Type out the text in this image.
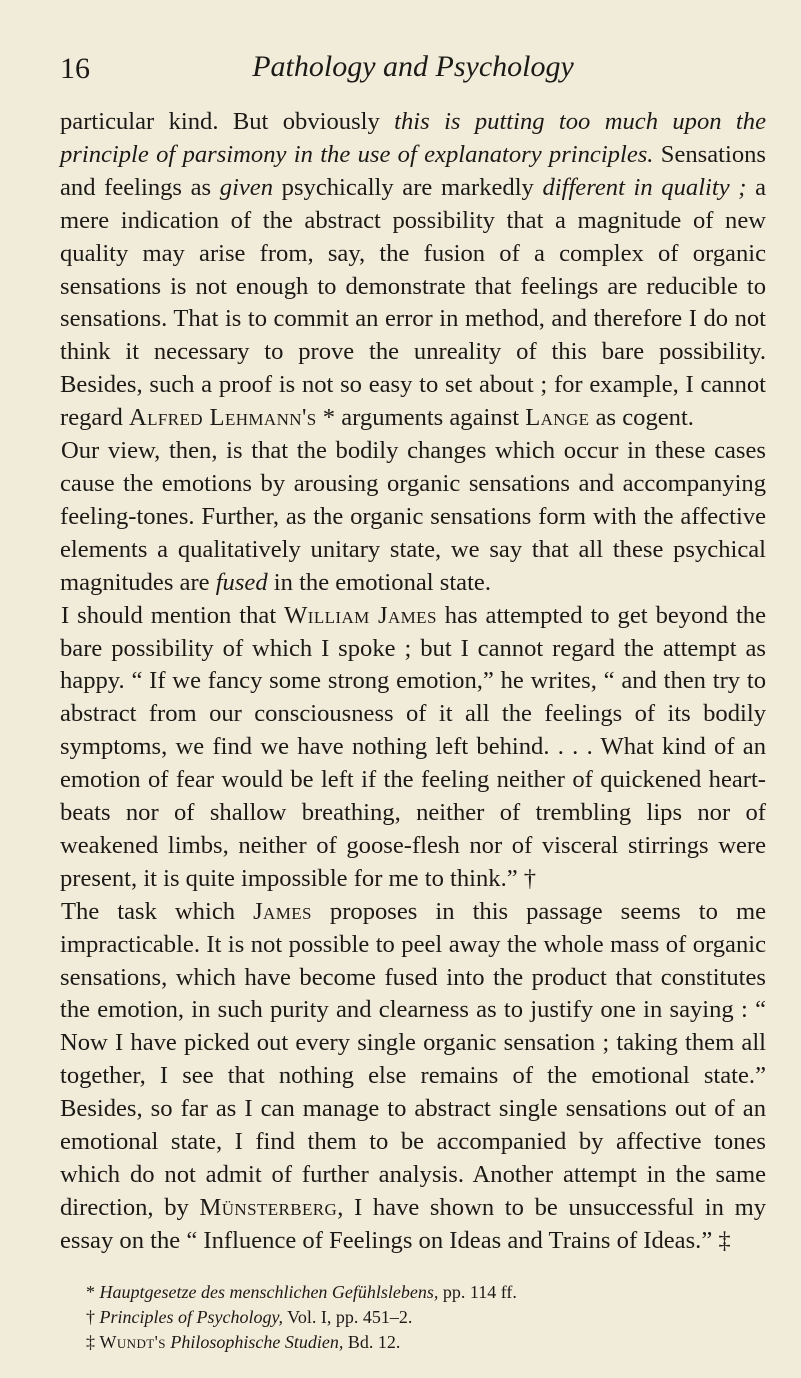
16	Pathology and Psychology

particular kind. But obviously this is putting too much upon the principle of parsimony in the use of explanatory principles. Sensations and feelings as given psychically are markedly different in quality ; a mere indication of the abstract possibility that a magnitude of new quality may arise from, say, the fusion of a complex of organic sensations is not enough to demonstrate that feelings are reducible to sensations. That is to commit an error in method, and therefore I do not think it necessary to prove the unreality of this bare possibility. Besides, such a proof is not so easy to set about ; for example, I cannot regard Alfred Lehmann's * arguments against Lange as cogent.

Our view, then, is that the bodily changes which occur in these cases cause the emotions by arousing organic sensations and accompanying feeling-tones. Further, as the organic sensations form with the affective elements a qualitatively unitary state, we say that all these psychical magnitudes are fused in the emotional state.

I should mention that William James has attempted to get beyond the bare possibility of which I spoke ; but I cannot regard the attempt as happy. “ If we fancy some strong emotion,” he writes, “ and then try to abstract from our consciousness of it all the feelings of its bodily symptoms, we find we have nothing left behind. . . . What kind of an emotion of fear would be left if the feeling neither of quickened heart-beats nor of shallow breathing, neither of trembling lips nor of weakened limbs, neither of goose-flesh nor of visceral stirrings were present, it is quite impossible for me to think.” †

The task which James proposes in this passage seems to me impracticable. It is not possible to peel away the whole mass of organic sensations, which have become fused into the product that constitutes the emotion, in such purity and clearness as to justify one in saying : “ Now I have picked out every single organic sensation ; taking them all together, I see that nothing else remains of the emotional state.” Besides, so far as I can manage to abstract single sensations out of an emotional state, I find them to be accompanied by affective tones which do not admit of further analysis. Another attempt in the same direction, by Münsterberg, I have shown to be unsuccessful in my essay on the “ Influence of Feelings on Ideas and Trains of Ideas.” ‡

* Hauptgesetze des menschlichen Gefühlslebens, pp. 114 ff.
† Principles of Psychology, Vol. I, pp. 451–2.
‡ Wundt's Philosophische Studien, Bd. 12.
